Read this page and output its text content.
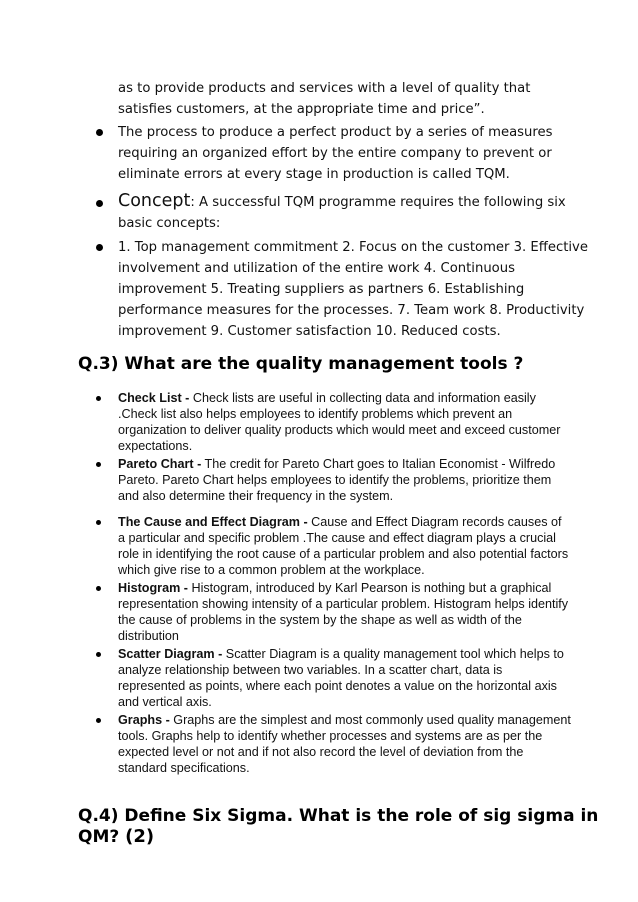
as to provide products and services with a level of quality that satisfies customers, at the appropriate time and price”.
The process to produce a perfect product by a series of measures requiring an organized effort by the entire company to prevent or eliminate errors at every stage in production is called TQM.
Concept: A successful TQM programme requires the following six basic concepts:
1. Top management commitment 2. Focus on the customer 3. Effective involvement and utilization of the entire work 4. Continuous improvement 5. Treating suppliers as partners 6. Establishing performance measures for the processes. 7. Team work 8. Productivity improvement 9. Customer satisfaction 10. Reduced costs.
Q.3) What are the quality management tools ?
Check List - Check lists are useful in collecting data and information easily .Check list also helps employees to identify problems which prevent an organization to deliver quality products which would meet and exceed customer expectations.
Pareto Chart - The credit for Pareto Chart goes to Italian Economist - Wilfredo Pareto. Pareto Chart helps employees to identify the problems, prioritize them and also determine their frequency in the system.
The Cause and Effect Diagram - Cause and Effect Diagram records causes of a particular and specific problem .The cause and effect diagram plays a crucial role in identifying the root cause of a particular problem and also potential factors which give rise to a common problem at the workplace.
Histogram - Histogram, introduced by Karl Pearson is nothing but a graphical representation showing intensity of a particular problem. Histogram helps identify the cause of problems in the system by the shape as well as width of the distribution
Scatter Diagram - Scatter Diagram is a quality management tool which helps to analyze relationship between two variables. In a scatter chart, data is represented as points, where each point denotes a value on the horizontal axis and vertical axis.
Graphs - Graphs are the simplest and most commonly used quality management tools. Graphs help to identify whether processes and systems are as per the expected level or not and if not also record the level of deviation from the standard specifications.
Q.4) Define Six Sigma. What is the role of sig sigma in QM? (2)
